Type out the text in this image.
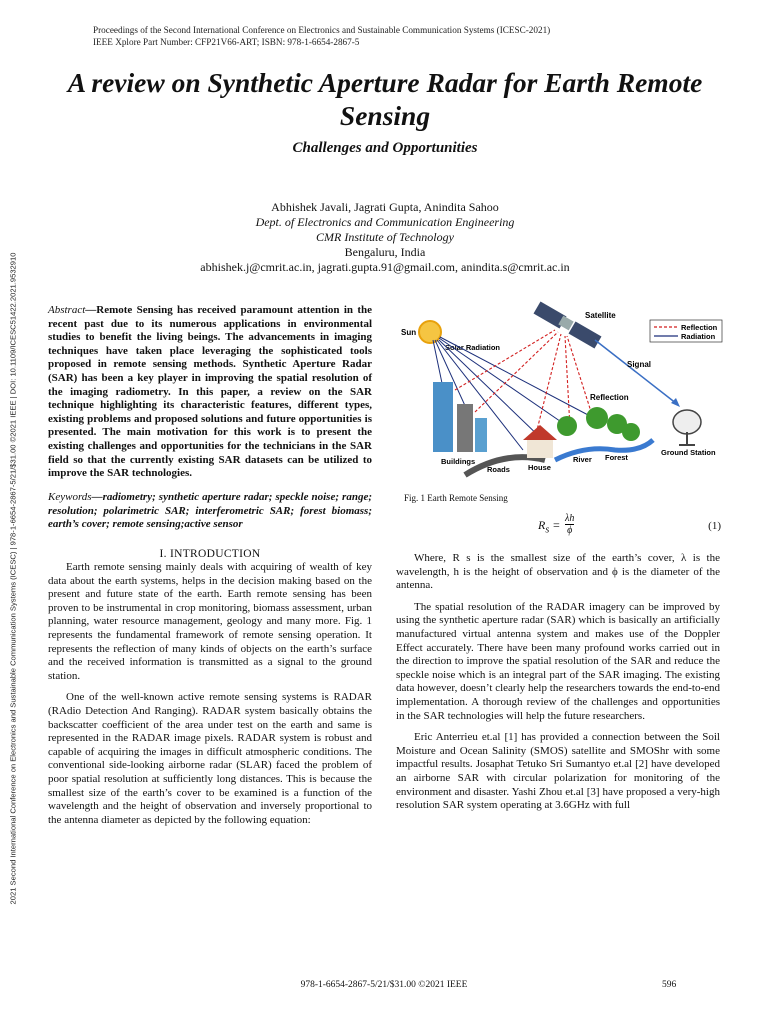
Proceedings of the Second International Conference on Electronics and Sustainable Communication Systems (ICESC-2021)
IEEE Xplore Part Number: CFP21V66-ART; ISBN: 978-1-6654-2867-5
2021 Second International Conference on Electronics and Sustainable Communication Systems (ICESC) | 978-1-6654-2867-5/21/$31.00 ©2021 IEEE | DOI: 10.1109/ICESC51422.2021.9532910
A review on Synthetic Aperture Radar for Earth Remote Sensing
Challenges and Opportunities
Abhishek Javali, Jagrati Gupta, Anindita Sahoo
Dept. of Electronics and Communication Engineering
CMR Institute of Technology
Bengaluru, India
abhishek.j@cmrit.ac.in, jagrati.gupta.91@gmail.com, anindita.s@cmrit.ac.in
Abstract—Remote Sensing has received paramount attention in the recent past due to its numerous applications in environmental studies to benefit the living beings. The advancements in imaging techniques have taken place leveraging the sophisticated tools proposed in remote sensing methods. Synthetic Aperture Radar (SAR) has been a key player in improving the spatial resolution of the imaging radiometry. In this paper, a review on the SAR technique highlighting its characteristic features, different types, existing problems and proposed solutions and future opportunities is presented. The main motivation for this work is to present the existing challenges and opportunities for the technicians in the SAR field so that the currently existing SAR datasets can be utilized to improve the SAR technologies.
Keywords—radiometry; synthetic aperture radar; speckle noise; range; resolution; polarimetric SAR; interferometric SAR; forest biomass; earth’s cover; remote sensing;active sensor
I. INTRODUCTION

Earth remote sensing mainly deals with acquiring of wealth of key data about the earth systems, helps in the decision making based on the present and future state of the earth. Earth remote sensing has been proven to be instrumental in crop monitoring, biomass assessment, urban planning, water resource management, geology and many more. Fig. 1 represents the fundamental framework of remote sensing operation. It represents the reflection of many kinds of objects on the earth’s surface and the received information is transmitted as a signal to the ground station.

One of the well-known active remote sensing systems is RADAR (RAdio Detection And Ranging). RADAR system basically obtains the backscatter coefficient of the area under test on the earth and same is represented in the RADAR image pixels. RADAR system is robust and capable of acquiring the images in difficult atmospheric conditions. The conventional side-looking airborne radar (SLAR) faced the problem of poor spatial resolution at sufficiently long distances. This is because the smallest size of the earth’s cover to be examined is a function of the wavelength and the height of observation and inversely proportional to the antenna diameter as depicted by the following equation:

Sun
Solar Radiation
Satellite
Signal
Reflection
Reflection
Radiation
Buildings
Roads House
River Forest
Ground Station
Fig. 1 Earth Remote Sensing
$R_s = \frac{\lambda h}{\phi}$	(1)

Where, R s is the smallest size of the earth’s cover, λ is the wavelength, h is the height of observation and ϕ is the diameter of the antenna.

The spatial resolution of the RADAR imagery can be improved by using the synthetic aperture radar (SAR) which is basically an artificially manufactured virtual antenna system and makes use of the Doppler Effect accurately. There have been many profound works carried out in the direction to improve the spatial resolution of the SAR and reduce the speckle noise which is an integral part of the SAR imaging. The existing data however, doesn’t clearly help the researchers towards the end-to-end implementation. A thorough review of the challenges and opportunities in the SAR technologies will help the future researchers.

Eric Anterrieu et.al [1] has provided a connection between the Soil Moisture and Ocean Salinity (SMOS) satellite and SMOShr with some impactful results. Josaphat Tetuko Sri Sumantyo et.al [2] have developed an airborne SAR with circular polarization for monitoring of the environment and disaster. Yashi Zhou et.al [3] have proposed a very-high resolution SAR system operating at 3.6GHz with full

978-1-6654-2867-5/21/$31.00 ©2021 IEEE	596
